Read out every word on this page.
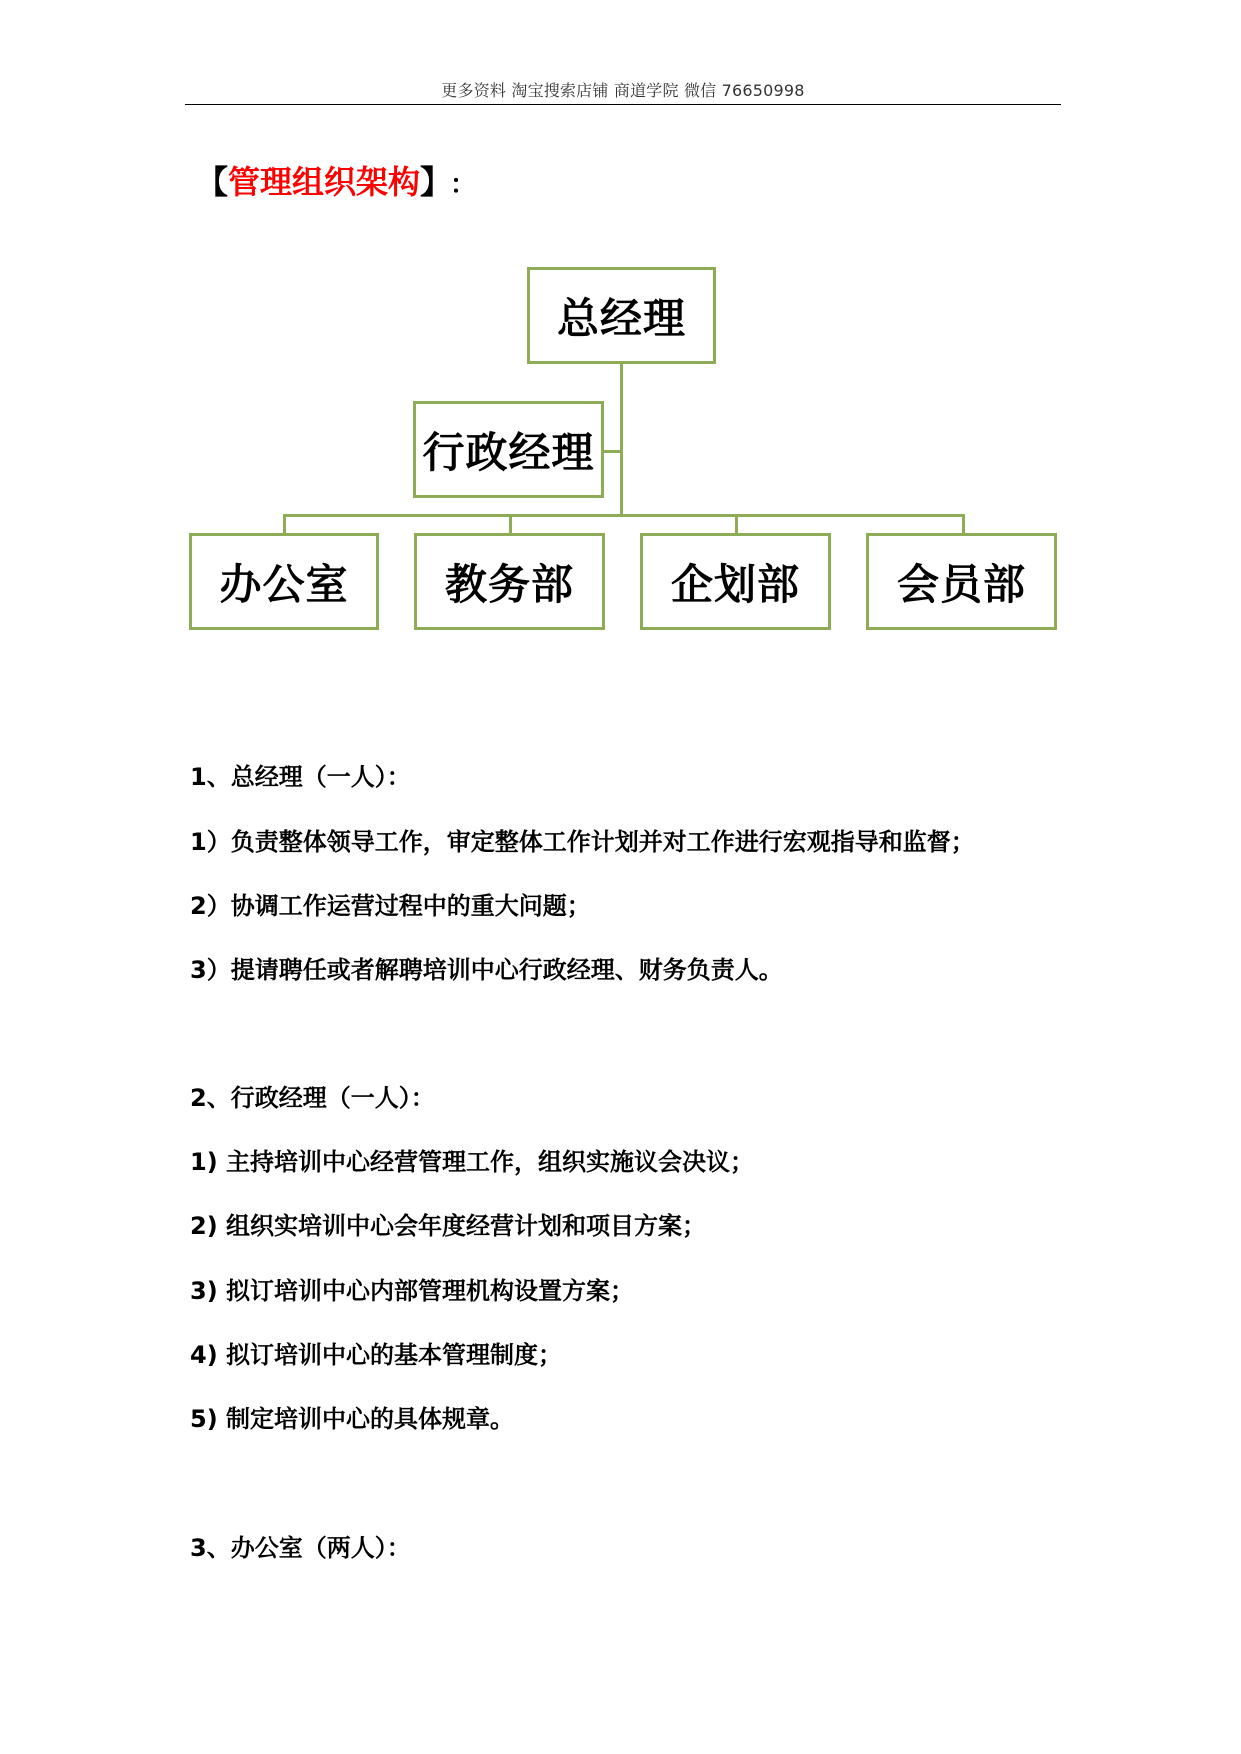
更多资料 淘宝搜索店铺 商道学院 微信 76650998
【管理组织架构】 ：
总经理
行政经理
办公室	教务部	企划部	会员部
1、总经理（一人）：
1）负责整体领导工作，审定整体工作计划并对工作进行宏观指导和监督；
2）协调工作运营过程中的重大问题；
3）提请聘任或者解聘培训中心行政经理、财务负责人。
2、行政经理（一人）：
1) 主持培训中心经营管理工作，组织实施议会决议；
2) 组织实培训中心会年度经营计划和项目方案；
3) 拟订培训中心内部管理机构设置方案；
4) 拟订培训中心的基本管理制度；
5) 制定培训中心的具体规章。
3、办公室（两人）：
